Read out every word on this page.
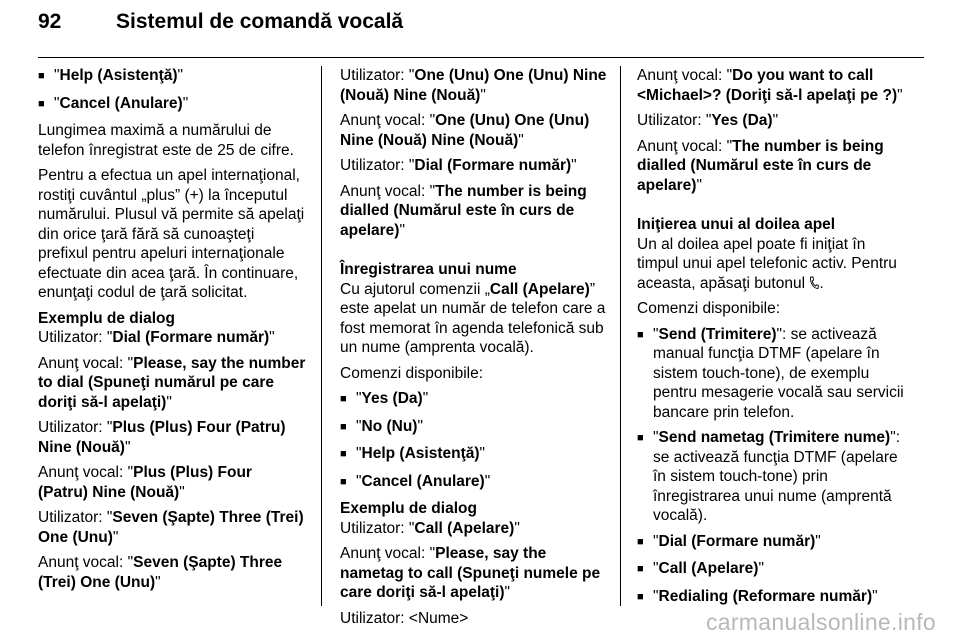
92	Sistemul de comandă vocală
■
"Help (Asistenţă)"
■
"Cancel (Anulare)"

Lungimea maximă a numărului de telefon înregistrat este de 25 de cifre.

Pentru a efectua un apel internaţional, rostiţi cuvântul „plus” (+) la începutul numărului. Plusul vă permite să apelaţi din orice ţară fără să cunoaşteţi prefixul pentru apeluri internaţionale efectuate din acea ţară. În continuare, enunţaţi codul de ţară solicitat.

Exemplu de dialog

Utilizator: "Dial (Formare număr)"

Anunţ vocal: "Please, say the number to dial (Spuneţi numărul pe care doriţi să-l apelaţi)"

Utilizator: "Plus (Plus) Four (Patru) Nine (Nouă)"

Anunţ vocal: "Plus (Plus) Four (Patru) Nine (Nouă)"

Utilizator: "Seven (Şapte) Three (Trei) One (Unu)"

Anunţ vocal: "Seven (Şapte) Three (Trei) One (Unu)"

Utilizator: "One (Unu) One (Unu) Nine (Nouă) Nine (Nouă)"

Anunţ vocal: "One (Unu) One (Unu) Nine (Nouă) Nine (Nouă)"

Utilizator: "Dial (Formare număr)"

Anunţ vocal: "The number is being dialled (Numărul este în curs de apelare)"

Înregistrarea unui nume

Cu ajutorul comenzii „Call (Apelare)” este apelat un număr de telefon care a fost memorat în agenda telefonică sub un nume (amprenta vocală).

Comenzi disponibile:

■
"Yes (Da)"
■
"No (Nu)"
■
"Help (Asistenţă)"
■
"Cancel (Anulare)"
Exemplu de dialog

Utilizator: "Call (Apelare)"

Anunţ vocal: "Please, say the nametag to call (Spuneţi numele pe care doriţi să-l apelaţi)"

Utilizator: <Nume>

Anunţ vocal: "Do you want to call <Michael>? (Doriţi să-l apelaţi pe ?)"

Utilizator: "Yes (Da)"

Anunţ vocal: "The number is being dialled (Numărul este în curs de apelare)"

Iniţierea unui al doilea apel

Un al doilea apel poate fi iniţiat în timpul unui apel telefonic activ. Pentru aceasta, apăsaţi butonul .

Comenzi disponibile:

■
"Send (Trimitere)": se activează manual funcţia DTMF (apelare în sistem touch-tone), de exemplu pentru mesagerie vocală sau servicii bancare prin telefon.
■
"Send nametag (Trimitere nume)": se activează funcţia DTMF (apelare în sistem touch-tone) prin înregistrarea unui nume (amprentă vocală).
■
"Dial (Formare număr)"
■
"Call (Apelare)"
■
"Redialing (Reformare număr)"
carmanualsonline.info
